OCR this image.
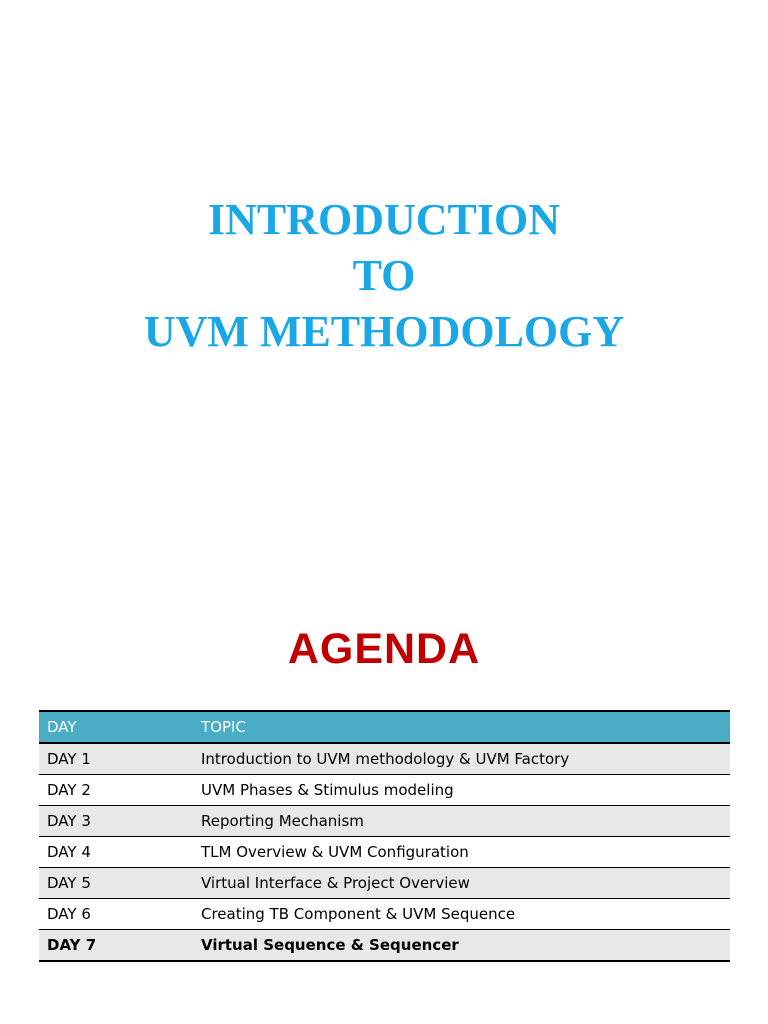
INTRODUCTION
TO
UVM METHODOLOGY
AGENDA
DAY	TOPIC
DAY 1	Introduction to UVM methodology & UVM Factory
DAY 2	UVM Phases & Stimulus modeling
DAY 3	Reporting Mechanism
DAY 4	TLM Overview & UVM Configuration
DAY 5	Virtual Interface & Project Overview
DAY 6	Creating TB Component & UVM Sequence
DAY 7	Virtual Sequence & Sequencer
